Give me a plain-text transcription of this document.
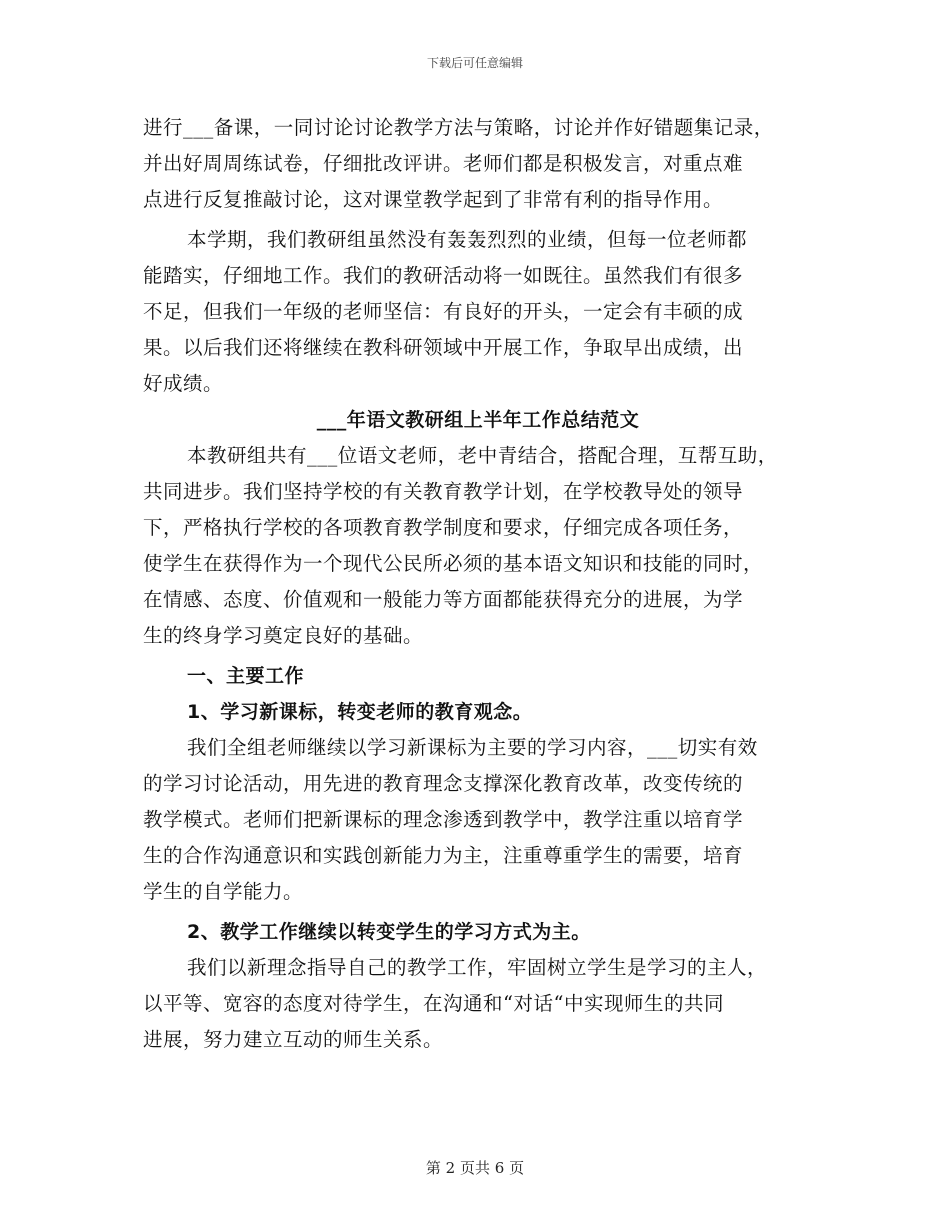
下载后可任意编辑
进行___备课，一同讨论讨论教学方法与策略，讨论并作好错题集记录，
并出好周周练试卷，仔细批改评讲。老师们都是积极发言，对重点难
点进行反复推敲讨论，这对课堂教学起到了非常有利的指导作用。
本学期，我们教研组虽然没有轰轰烈烈的业绩，但每一位老师都
能踏实，仔细地工作。我们的教研活动将一如既往。虽然我们有很多
不足，但我们一年级的老师坚信：有良好的开头，一定会有丰硕的成
果。以后我们还将继续在教科研领域中开展工作，争取早出成绩，出
好成绩。
___年语文教研组上半年工作总结范文
本教研组共有___位语文老师，老中青结合，搭配合理，互帮互助，
共同进步。我们坚持学校的有关教育教学计划，在学校教导处的领导
下，严格执行学校的各项教育教学制度和要求，仔细完成各项任务，
使学生在获得作为一个现代公民所必须的基本语文知识和技能的同时，
在情感、态度、价值观和一般能力等方面都能获得充分的进展，为学
生的终身学习奠定良好的基础。
一、主要工作
1、学习新课标，转变老师的教育观念。
我们全组老师继续以学习新课标为主要的学习内容，___切实有效
的学习讨论活动，用先进的教育理念支撑深化教育改革，改变传统的
教学模式。老师们把新课标的理念渗透到教学中，教学注重以培育学
生的合作沟通意识和实践创新能力为主，注重尊重学生的需要，培育
学生的自学能力。
2、教学工作继续以转变学生的学习方式为主。
我们以新理念指导自己的教学工作，牢固树立学生是学习的主人，
以平等、宽容的态度对待学生，在沟通和“对话“中实现师生的共同
进展，努力建立互动的师生关系。
第 2 页共 6 页
